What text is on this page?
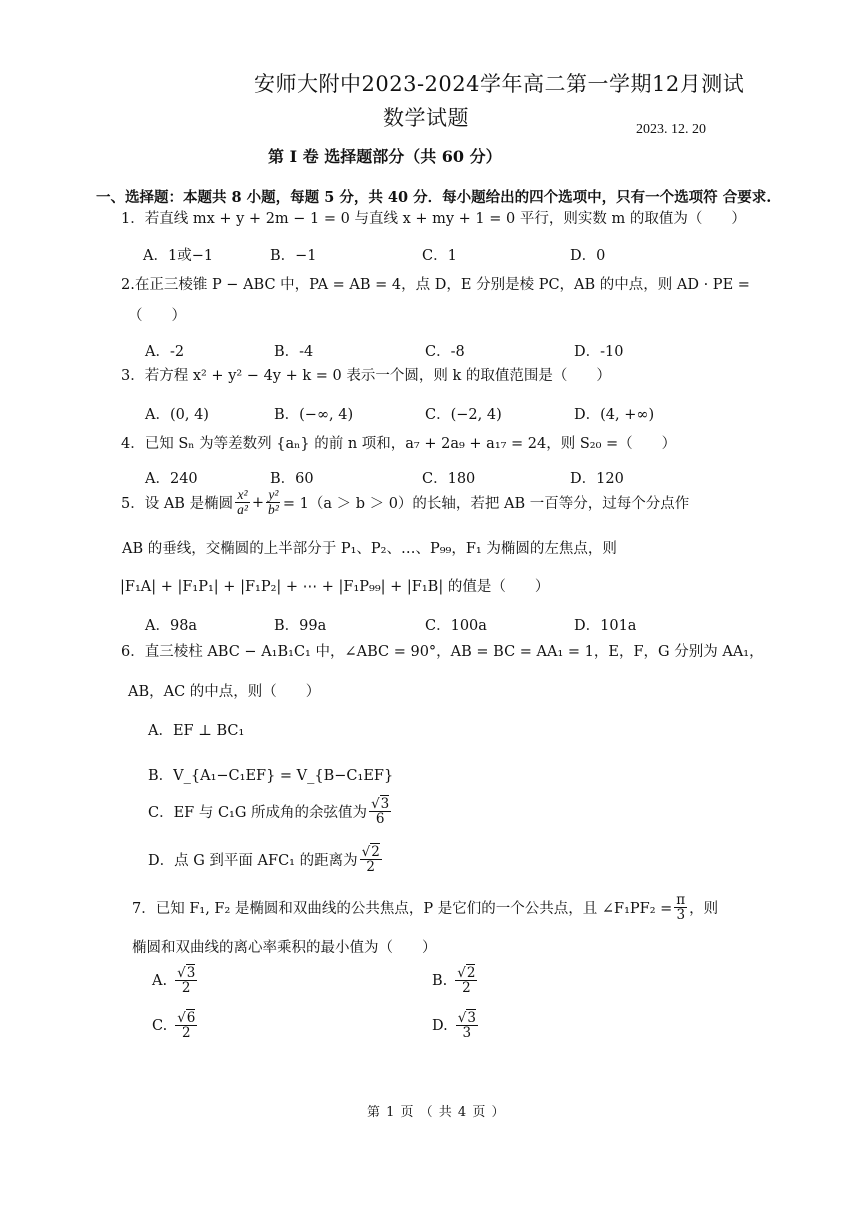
安师大附中2023-2024学年高二第一学期12月测试
数学试题	2023. 12. 20
第 I 卷 选择题部分（共 60 分）
一、选择题：本题共 8 小题，每题 5 分，共 40 分．每小题给出的四个选项中，只有一个选项符 合要求.
1．若直线 mx + y + 2m − 1 = 0 与直线 x + my + 1 = 0 平行，则实数 m 的取值为（　　）
A．1或−1	B．−1	C．1	D．0
2.在正三棱锥 P − ABC 中，PA = AB = 4，点 D，E 分别是棱 PC，AB 的中点，则 AD · PE =
（　　）
A．-2	B．-4	C．-8	D．-10
3．若方程 x² + y² − 4y + k = 0 表示一个圆，则 k 的取值范围是（　　）
A．(0, 4)	B．(−∞, 4)	C．(−2, 4)	D．(4, +∞)
4．已知 Sₙ 为等差数列 {aₙ} 的前 n 项和，a₇ + 2a₉ + a₁₇ = 24，则 S₂₀ =（　　）
A．240	B．60	C．180	D．120
5．设 AB 是椭圆 $\frac{\text{x²}}{\text{a²}} + \frac{\text{y²}}{\text{b²}} = 1(a > b > 0)$的长轴，若把 AB 一百等分，过每个分点作
AB 的垂线，交椭圆的上半部分于 P₁、P₂、…、P₉₉，F₁ 为椭圆的左焦点，则
|F₁A| + |F₁P₁| + |F₁P₂| + ⋯ + |F₁P₉₉| + |F₁B| 的值是（　　）
A．98a	B．99a	C．100a	D．101a
6．直三棱柱 ABC − A₁B₁C₁ 中，∠ABC = 90°，AB = BC = AA₁ = 1，E，F，G 分别为 AA₁，
AB，AC 的中点，则（　　）
A．EF ⊥ BC₁
B．V_{A₁−C₁EF} = V_{B−C₁EF}
C．EF 与 C₁G 所成角的余弦值为 $\frac{√3}{6}$
D．点 G 到平面 AFC₁ 的距离为 $\frac{√2}{2}$
7．已知 F₁, F₂ 是椭圆和双曲线的公共焦点，P 是它们的一个公共点，且 ∠F₁PF₂ = $\frac{\pi}{3}$ ，则
椭圆和双曲线的离心率乘积的最小值为（　　）
A. $\frac{√3}{2}$	B. $\frac{√2}{2}$
C. $\frac{√6}{2}$	D. $\frac{√3}{3}$
第 1 页 （ 共 4 页 ）
